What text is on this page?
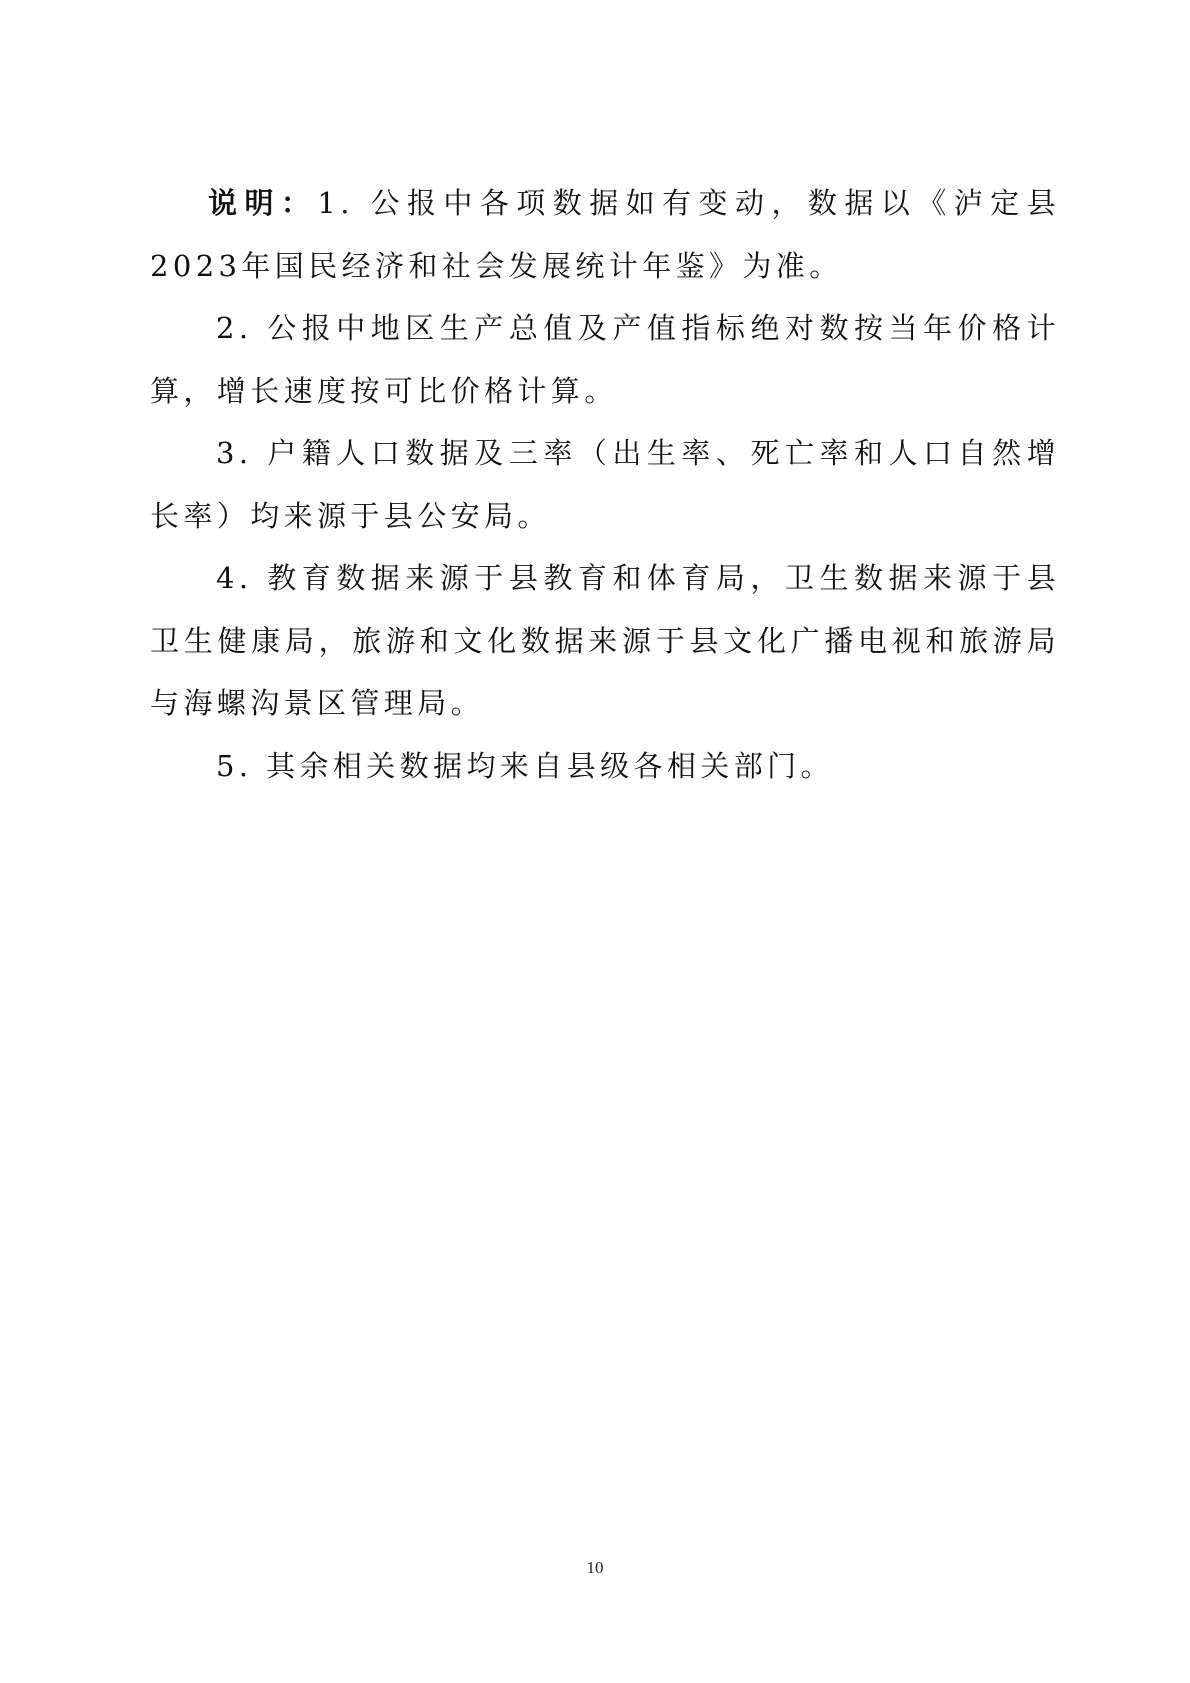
说明：1. 公报中各项数据如有变动，数据以《泸定县2023年国民经济和社会发展统计年鉴》为准。

2. 公报中地区生产总值及产值指标绝对数按当年价格计算，增长速度按可比价格计算。

3. 户籍人口数据及三率（出生率、死亡率和人口自然增长率）均来源于县公安局。

4. 教育数据来源于县教育和体育局，卫生数据来源于县卫生健康局，旅游和文化数据来源于县文化广播电视和旅游局与海螺沟景区管理局。

5. 其余相关数据均来自县级各相关部门。

10
